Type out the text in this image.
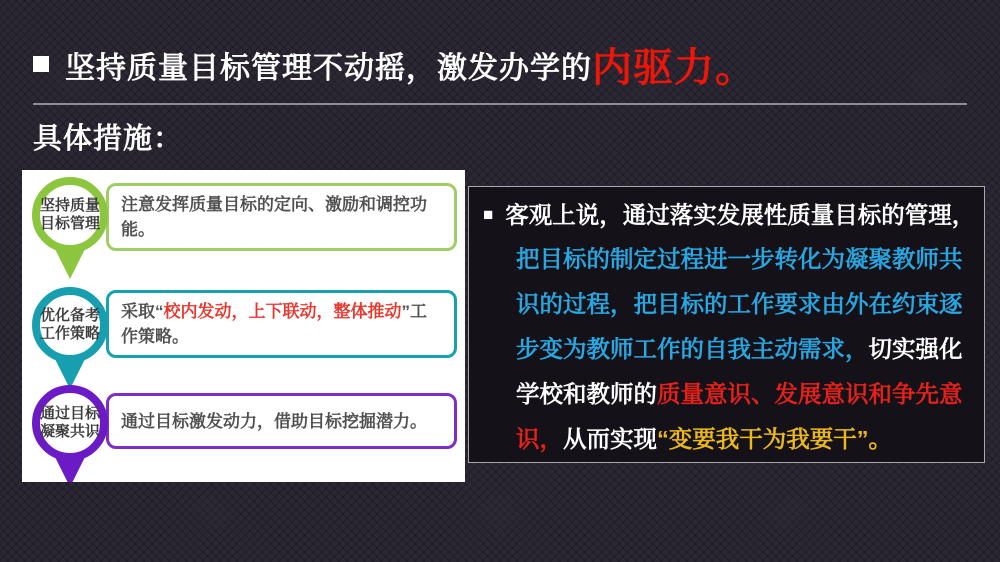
坚持质量目标管理不动摇，激发办学的内驱力。
具体措施：
坚持质量
目标管理

注意发挥质量目标的定向、激励和调控功能。

优化备考
工作策略

采取“校内发动，上下联动，整体推动”工作策略。

通过目标
凝聚共识

通过目标激发动力，借助目标挖掘潜力。

■ 客观上说，通过落实发展性质量目标的管理，
把目标的制定过程进一步转化为凝聚教师共
识的过程，把目标的工作要求由外在约束逐
步变为教师工作的自我主动需求，切实强化
学校和教师的质量意识、发展意识和争先意
识，从而实现“变要我干为我要干”。
